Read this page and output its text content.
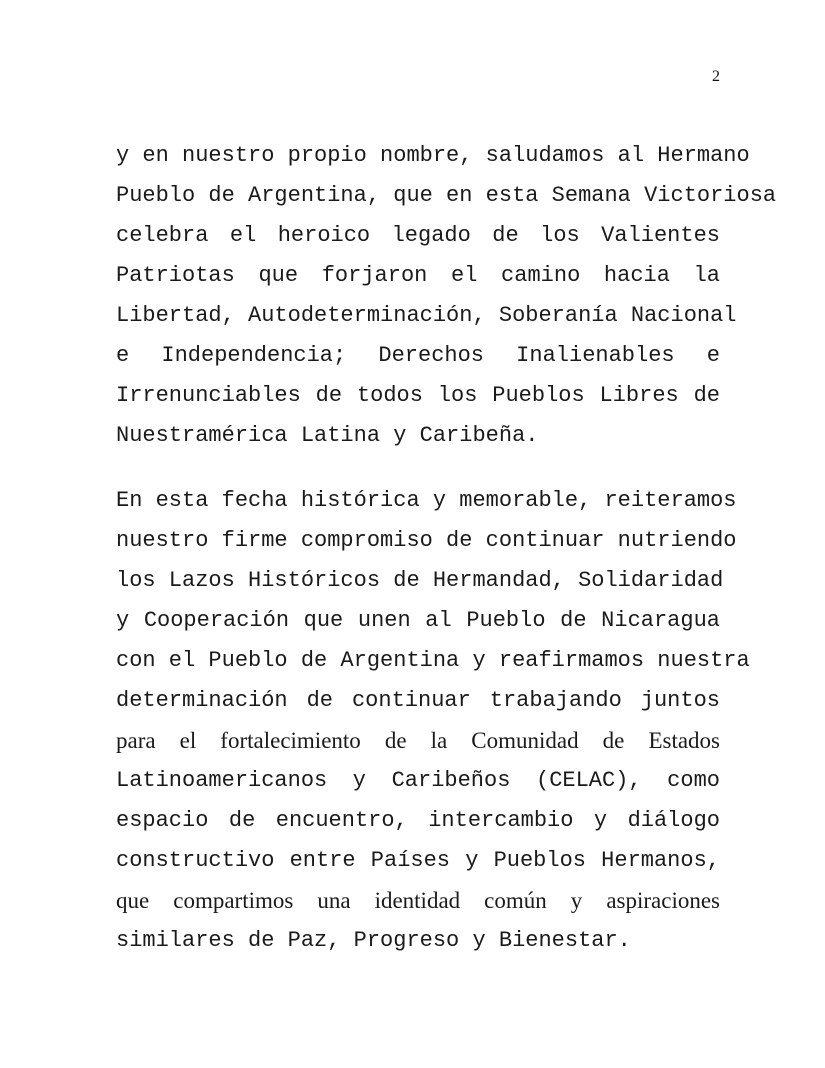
2
y en nuestro propio nombre, saludamos al Hermano
Pueblo de Argentina, que en esta Semana Victoriosa
celebra el heroico legado de los Valientes
Patriotas que forjaron el camino hacia la
Libertad, Autodeterminación, Soberanía Nacional
e Independencia; Derechos Inalienables e
Irrenunciables de todos los Pueblos Libres de
Nuestramérica Latina y Caribeña.
En esta fecha histórica y memorable, reiteramos
nuestro firme compromiso de continuar nutriendo
los Lazos Históricos de Hermandad, Solidaridad
y Cooperación que unen al Pueblo de Nicaragua
con el Pueblo de Argentina y reafirmamos nuestra
determinación de continuar trabajando juntos
para el fortalecimiento de la Comunidad de Estados
Latinoamericanos y Caribeños (CELAC), como
espacio de encuentro, intercambio y diálogo
constructivo entre Países y Pueblos Hermanos,
que compartimos una identidad común y aspiraciones
similares de Paz, Progreso y Bienestar.
